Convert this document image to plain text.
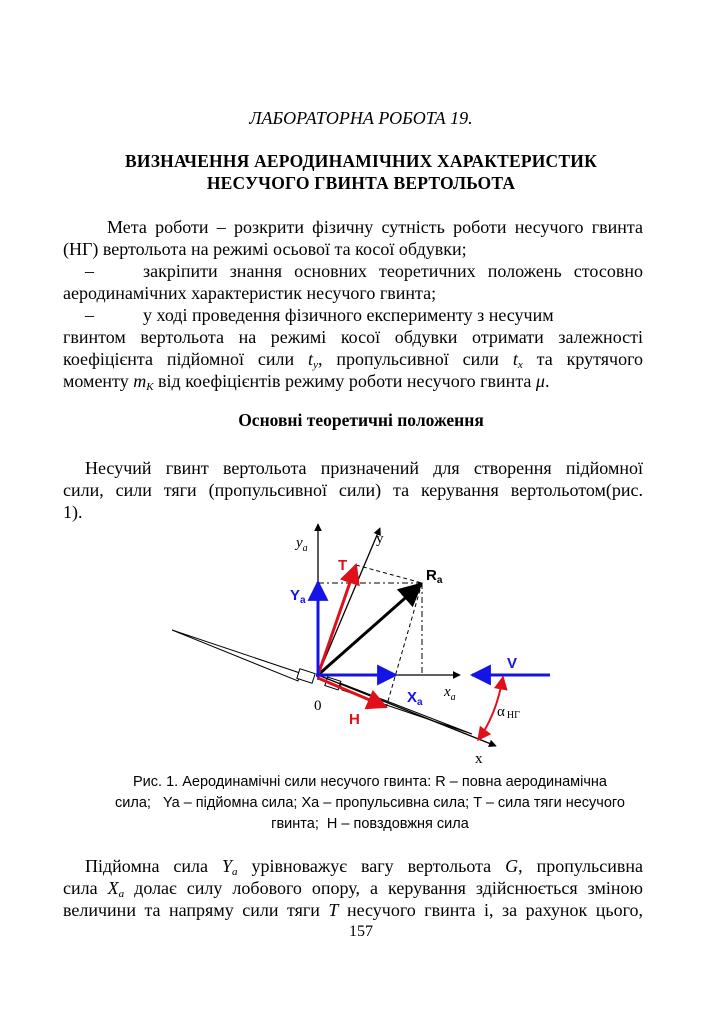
ЛАБОРАТОРНА РОБОТА 19.
ВИЗНАЧЕННЯ АЕРОДИНАМІЧНИХ ХАРАКТЕРИСТИК
НЕСУЧОГО ГВИНТА ВЕРТОЛЬОТА
Мета роботи – розкрити фізичну сутність роботи несучого гвинта
(НГ) вертольота на режимі осьової та косої обдувки;
–	закріпити знання основних теоретичних положень стосовно
аеродинамічних характеристик несучого гвинта;
–	у ході проведення фізичного експерименту з несучим
гвинтом вертольота на режимі косої обдувки отримати залежності
коефіцієнта підйомної сили $t_y$, пропульсивної сили $t_x$ та крутячого
моменту $m_K$ від коефіцієнтів режиму роботи несучого гвинта μ.
Основні теоретичні положення
Несучий гвинт вертольота призначений для створення підйомної
сили, сили тяги (пропульсивної сили) та керування вертольотом(рис.
1).
$y_a$
y
T
$R_a$
$Y_a$
V
$X_a$
$x_a$
0
H	αНГ
x
Рис. 1. Аеродинамічні сили несучого гвинта: R – повна аеродинамічна
сила;   Ya – підйомна сила; Xa – пропульсивна сила; T – сила тяги несучого
гвинта;  H – повздовжня сила
Підйомна сила $Y_a$ урівноважує вагу вертольота G, пропульсивна
сила $X_a$ долає силу лобового опору, а керування здійснюється зміною
величини та напряму сили тяги T несучого гвинта і, за рахунок цього,
157
